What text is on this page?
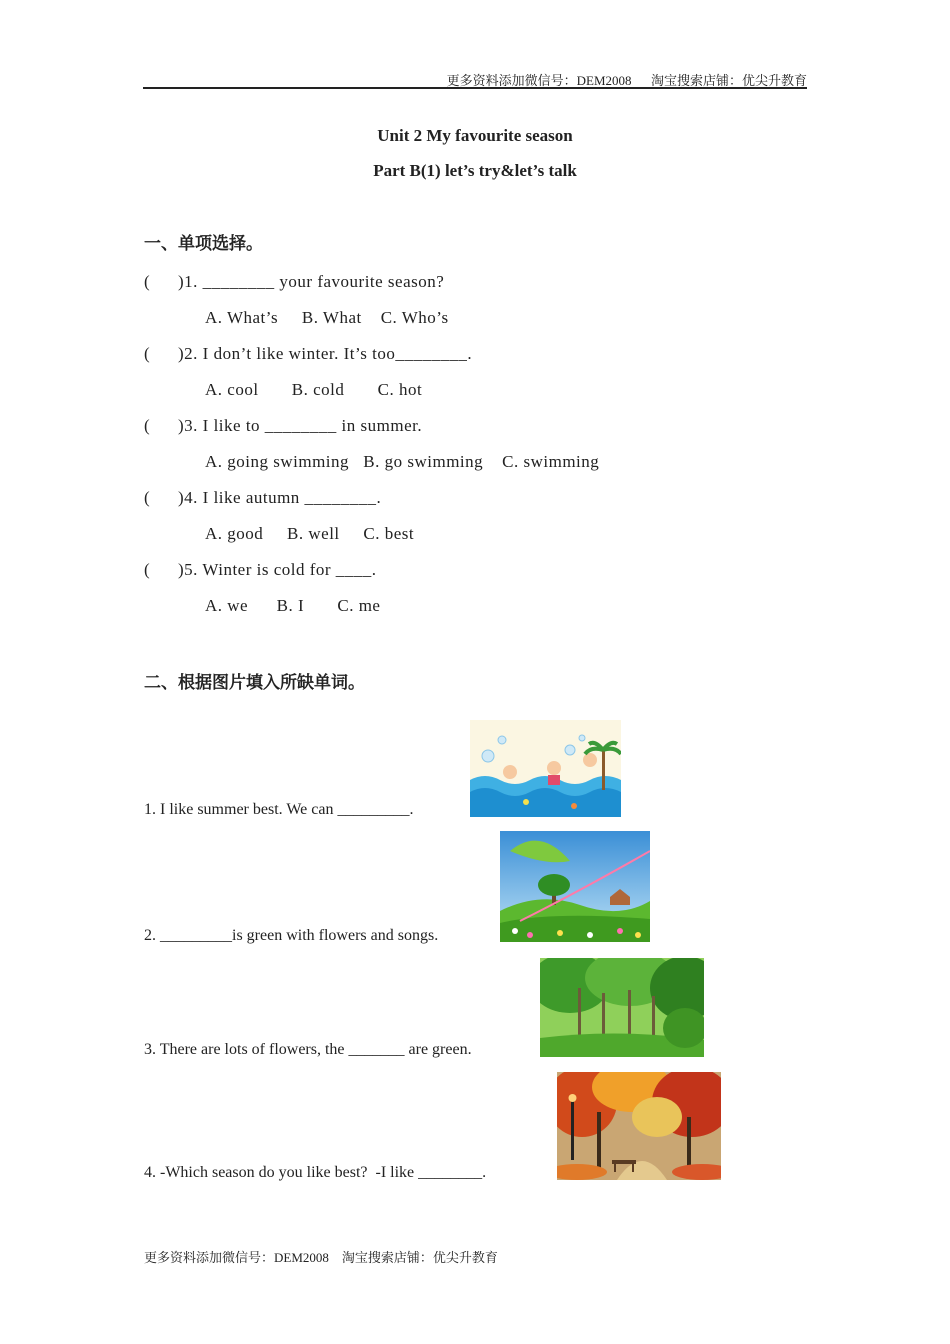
更多资料添加微信号：DEM2008      淘宝搜索店铺：优尖升教育
Unit 2 My favourite season
Part B(1) let’s try&let’s talk
一、单项选择。

(

)1. ________ your favourite season?

A. What’s     B. What    C. Who’s

(

)2. I don’t like winter. It’s too________.

A. cool       B. cold       C. hot

(

)3. I like to ________ in summer.

A. going swimming   B. go swimming    C. swimming

(

)4. I like autumn ________.

A. good     B. well     C. best

(

)5. Winter is cold for ____.

A. we      B. I       C. me
二、根据图片填入所缺单词。
1. I like summer best. We can _________.
2. _________is green with flowers and songs.
3. There are lots of flowers, the _______ are green.
4. -Which season do you like best?  -I like ________.
更多资料添加微信号：DEM2008    淘宝搜索店铺：优尖升教育
